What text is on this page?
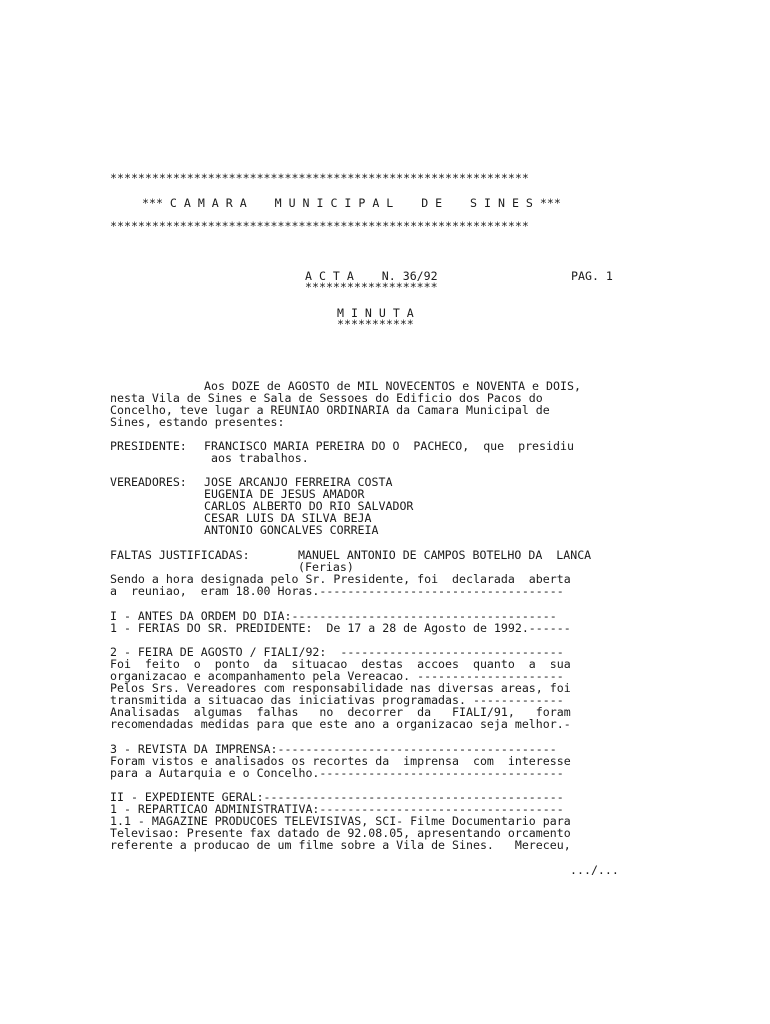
************************************************************
*** C A M A R A    M U N I C I P A L    D E    S I N E S ***
************************************************************
A C T A    N. 36/92	PAG. 1
*******************
M I N U T A
***********
Aos DOZE de AGOSTO de MIL NOVECENTOS e NOVENTA e DOIS,
nesta Vila de Sines e Sala de Sessoes do Edificio dos Pacos do
Concelho, teve lugar a REUNIAO ORDINARIA da Camara Municipal de
Sines, estando presentes:
PRESIDENTE: FRANCISCO MARIA PEREIRA DO O  PACHECO,  que  presidiu
aos trabalhos.
VEREADORES: JOSE ARCANJO FERREIRA COSTA
EUGENIA DE JESUS AMADOR
CARLOS ALBERTO DO RIO SALVADOR
CESAR LUIS DA SILVA BEJA
ANTONIO GONCALVES CORREIA
FALTAS JUSTIFICADAS:	MANUEL ANTONIO DE CAMPOS BOTELHO DA  LANCA
(Ferias)
Sendo a hora designada pelo Sr. Presidente, foi  declarada  aberta
a  reuniao,  eram 18.00 Horas.-----------------------------------
I - ANTES DA ORDEM DO DIA:--------------------------------------
1 - FERIAS DO SR. PREDIDENTE:  De 17 a 28 de Agosto de 1992.------
2 - FEIRA DE AGOSTO / FIALI/92:  --------------------------------
Foi  feito  o  ponto  da  situacao  destas  accoes  quanto  a  sua
organizacao e acompanhamento pela Vereacao. ---------------------
Pelos Srs. Vereadores com responsabilidade nas diversas areas, foi
transmitida a situacao das iniciativas programadas. -------------
Analisadas  algumas  falhas   no  decorrer  da   FIALI/91,   foram
recomendadas medidas para que este ano a organizacao seja melhor.-
3 - REVISTA DA IMPRENSA:----------------------------------------
Foram vistos e analisados os recortes da  imprensa  com  interesse
para a Autarquia e o Concelho.-----------------------------------
II - EXPEDIENTE GERAL:-------------------------------------------
1 - REPARTICAO ADMINISTRATIVA:-----------------------------------
1.1 - MAGAZINE PRODUCOES TELEVISIVAS, SCI- Filme Documentario para
Televisao: Presente fax datado de 92.08.05, apresentando orcamento
referente a producao de um filme sobre a Vila de Sines.   Mereceu,
.../...
